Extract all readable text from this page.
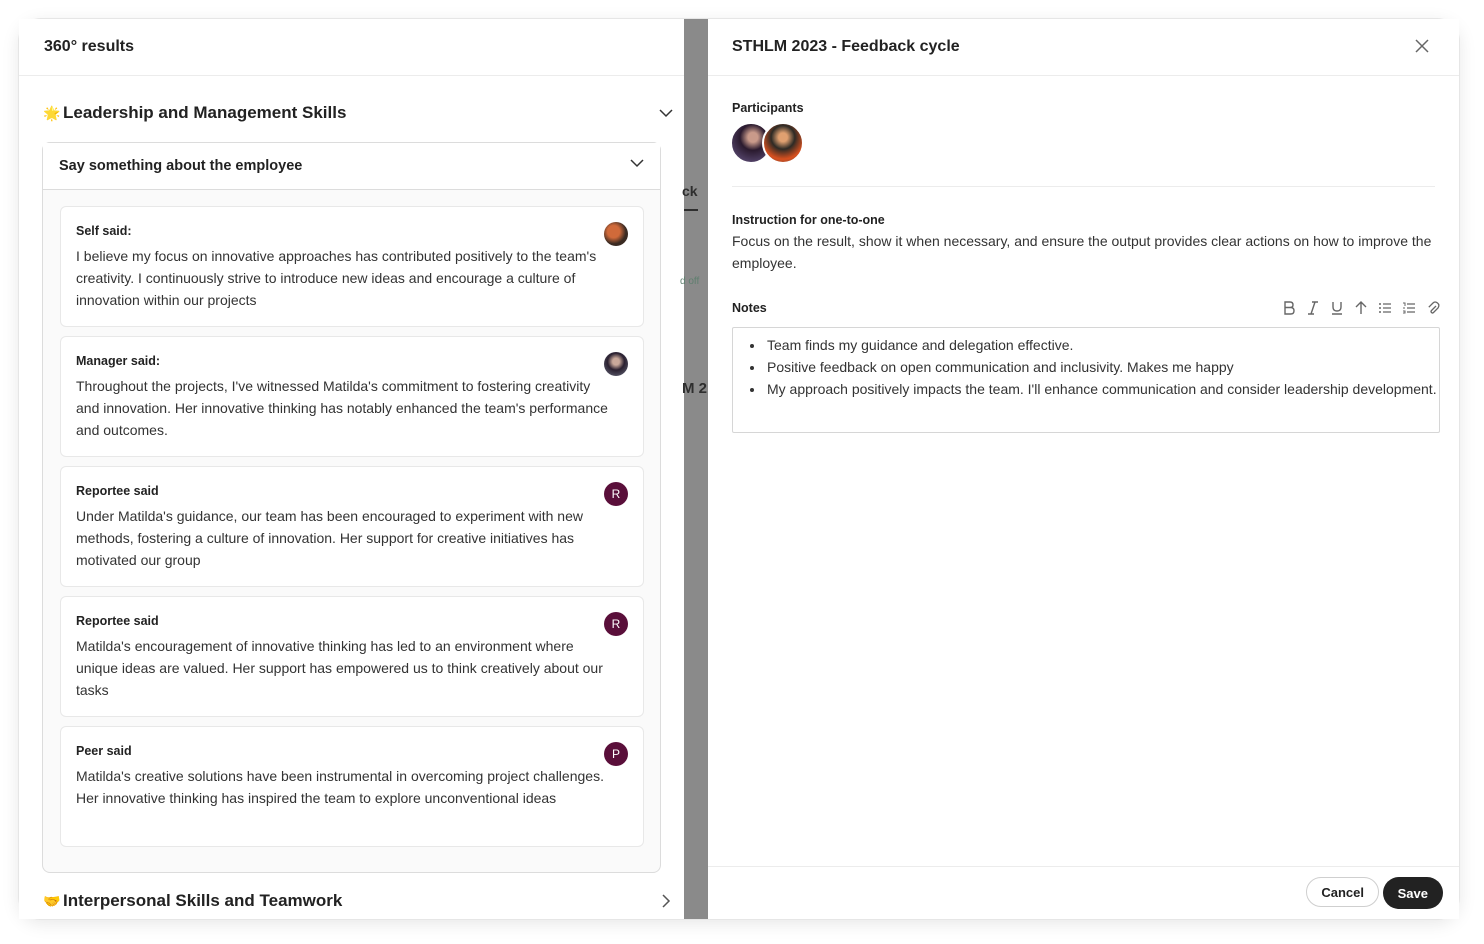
360° results
🌟 Leadership and Management Skills
Say something about the employee
Self said:
I believe my focus on innovative approaches has contributed positively to the team's creativity. I continuously strive to introduce new ideas and encourage a culture of innovation within our projects
Manager said:
Throughout the projects, I've witnessed Matilda's commitment to fostering creativity and innovation. Her innovative thinking has notably enhanced the team's performance and outcomes.
Reportee said
Under Matilda's guidance, our team has been encouraged to experiment with new methods, fostering a culture of innovation. Her support for creative initiatives has motivated our group
R
Reportee said
Matilda's encouragement of innovative thinking has led to an environment where unique ideas are valued. Her support has empowered us to think creatively about our tasks
R
Peer said
Matilda's creative solutions have been instrumental in overcoming project challenges. Her innovative thinking has inspired the team to explore unconventional ideas
P
🤝 Interpersonal Skills and Teamwork
ck
d off
M 2
STHLM 2023 - Feedback cycle
Participants
Instruction for one-to-one
Focus on the result, show it when necessary, and ensure the output provides clear actions on how to improve the employee.
Notes
• Team finds my guidance and delegation effective.
• Positive feedback on open communication and inclusivity. Makes me happy
• My approach positively impacts the team. I'll enhance communication and consider leadership development.
Cancel	Save
